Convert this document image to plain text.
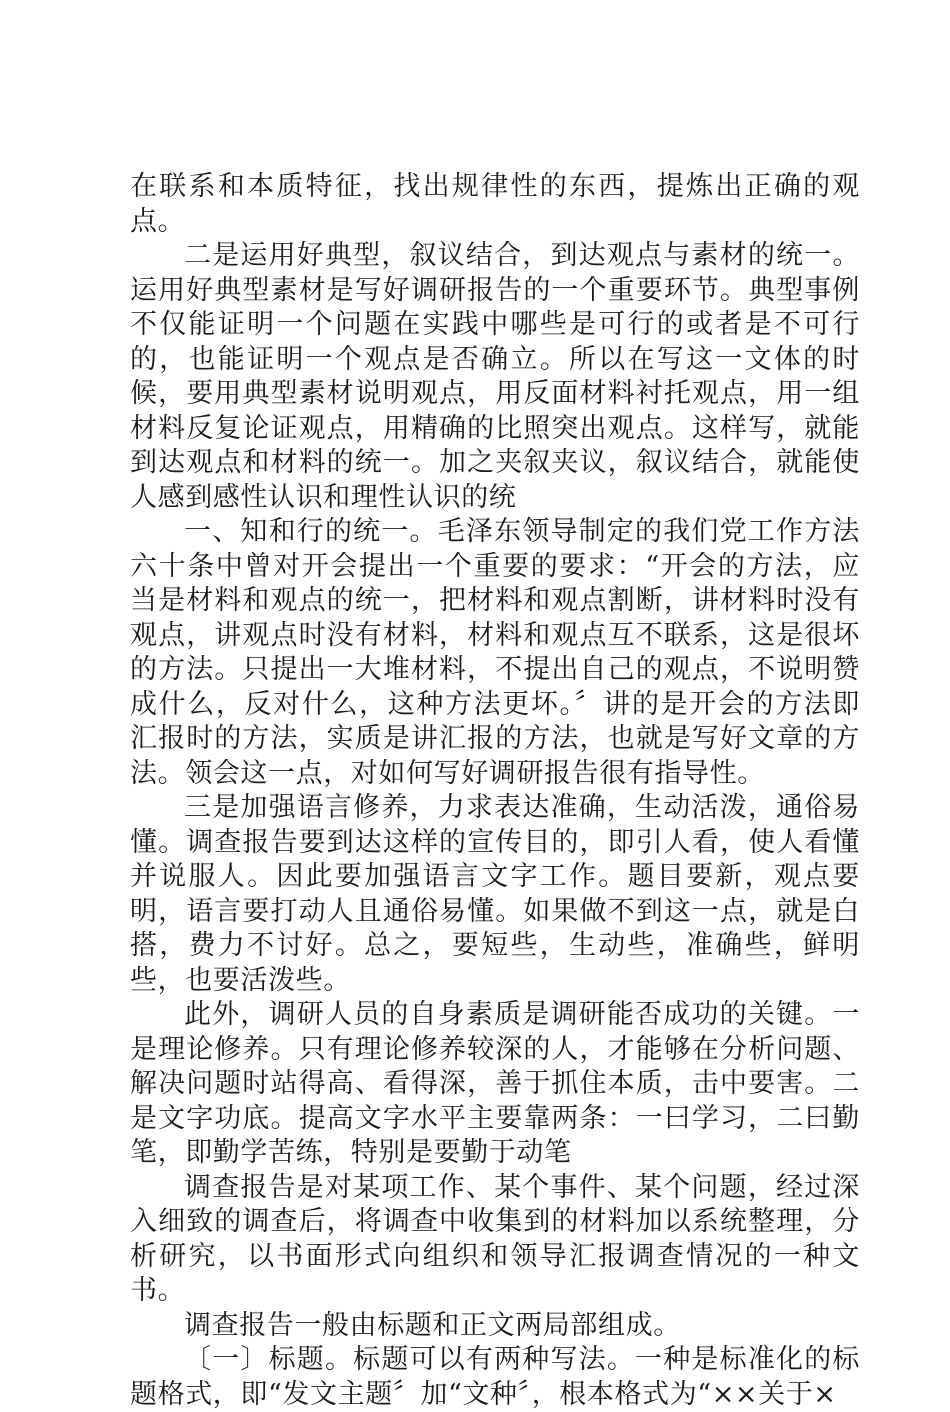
在联系和本质特征，找出规律性的东西，提炼出正确的观点。

二是运用好典型，叙议结合，到达观点与素材的统一。运用好典型素材是写好调研报告的一个重要环节。典型事例不仅能证明一个问题在实践中哪些是可行的或者是不可行的，也能证明一个观点是否确立。所以在写这一文体的时候，要用典型素材说明观点，用反面材料衬托观点，用一组材料反复论证观点，用精确的比照突出观点。这样写，就能到达观点和材料的统一。加之夹叙夹议，叙议结合，就能使人感到感性认识和理性认识的统

一、知和行的统一。毛泽东领导制定的我们党工作方法六十条中曾对开会提出一个重要的要求：“开会的方法，应当是材料和观点的统一，把材料和观点割断，讲材料时没有观点，讲观点时没有材料，材料和观点互不联系，这是很坏的方法。只提出一大堆材料，不提出自己的观点，不说明赞成什么，反对什么，这种方法更坏。〞讲的是开会的方法即汇报时的方法，实质是讲汇报的方法，也就是写好文章的方法。领会这一点，对如何写好调研报告很有指导性。

三是加强语言修养，力求表达准确，生动活泼，通俗易懂。调查报告要到达这样的宣传目的，即引人看，使人看懂并说服人。因此要加强语言文字工作。题目要新，观点要明，语言要打动人且通俗易懂。如果做不到这一点，就是白搭，费力不讨好。总之，要短些，生动些，准确些，鲜明些，也要活泼些。

此外，调研人员的自身素质是调研能否成功的关键。一是理论修养。只有理论修养较深的人，才能够在分析问题、解决问题时站得高、看得深，善于抓住本质，击中要害。二是文字功底。提高文字水平主要靠两条：一曰学习，二曰勤笔，即勤学苦练，特别是要勤于动笔

调查报告是对某项工作、某个事件、某个问题，经过深入细致的调查后，将调查中收集到的材料加以系统整理，分析研究，以书面形式向组织和领导汇报调查情况的一种文书。

调查报告一般由标题和正文两局部组成。

〔一〕标题。标题可以有两种写法。一种是标准化的标题格式，即“发文主题〞加“文种〞，根本格式为“××关于×
